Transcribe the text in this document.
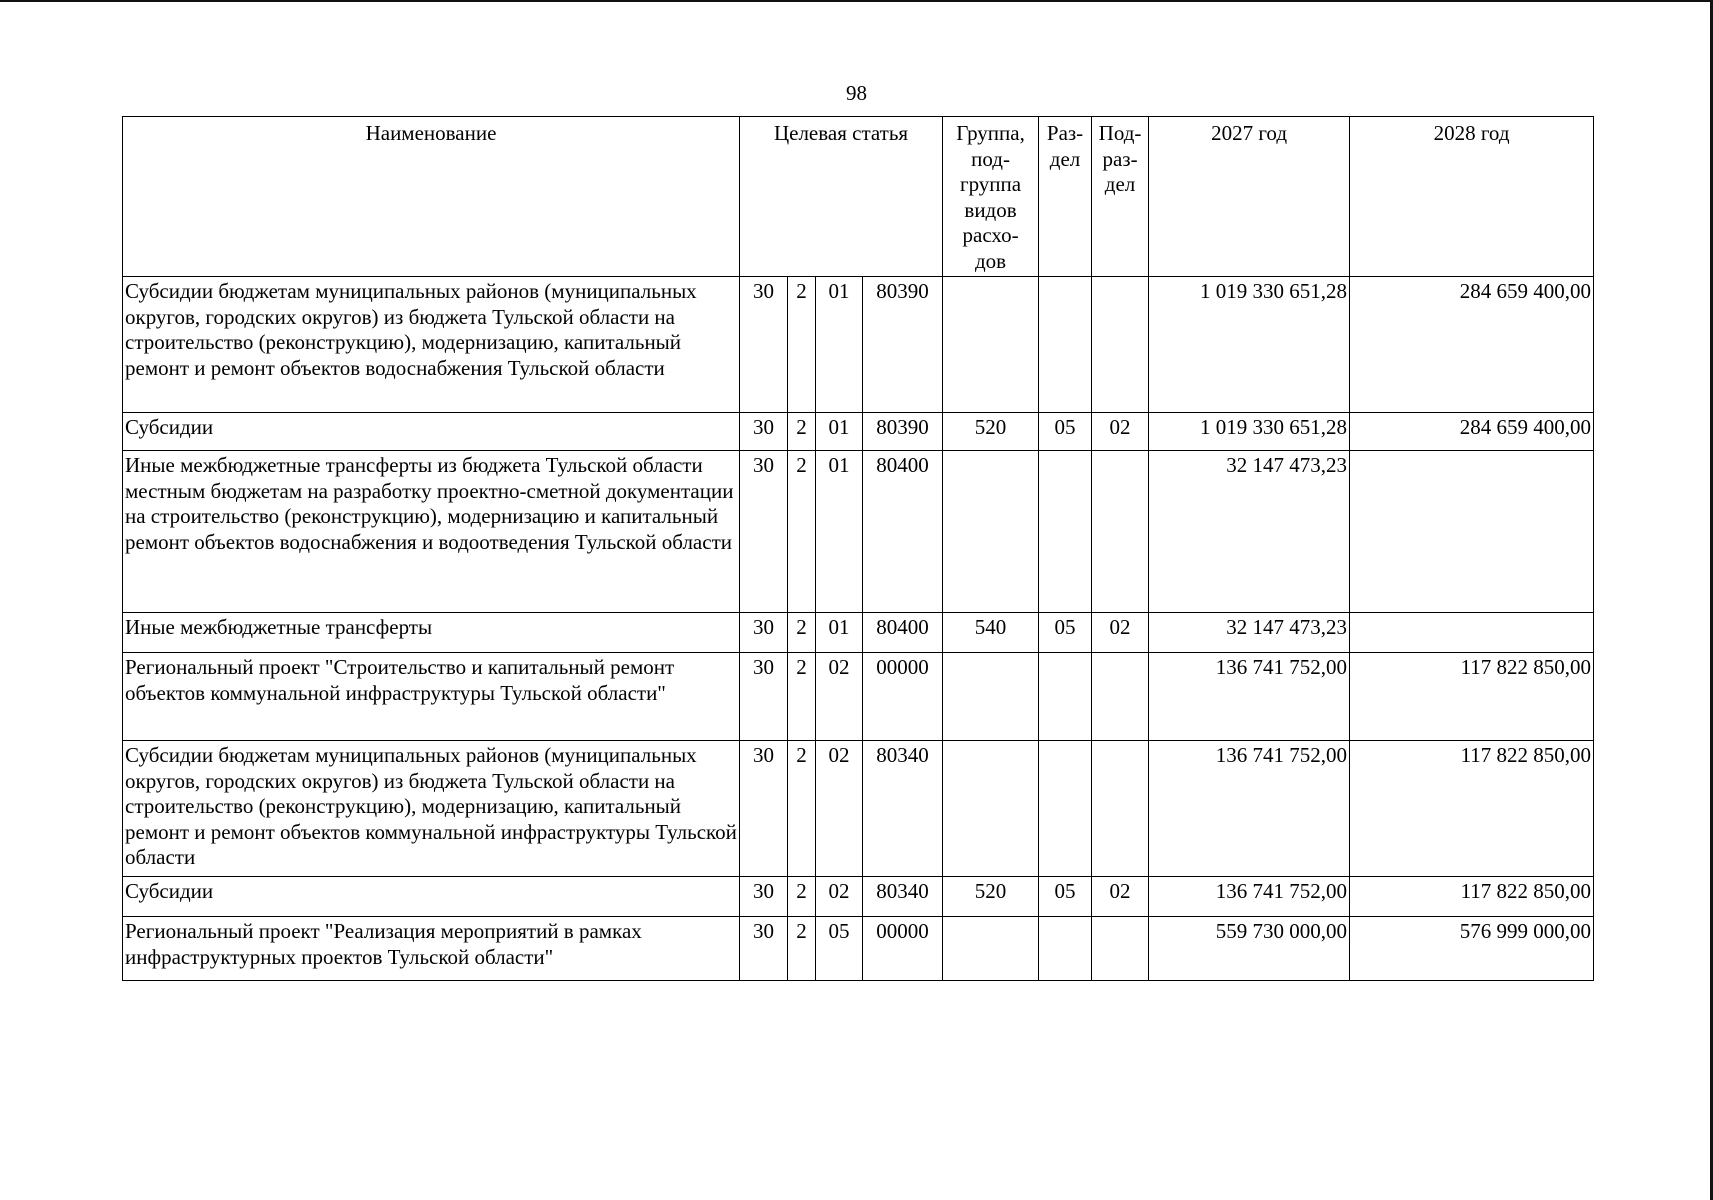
98
Наименование	Целевая статья				Группа, под- группа видов расхо- дов	Раз- дел	Под- раз- дел	2027 год	2028 год
Субсидии бюджетам муниципальных районов (муниципальных округов, городских округов) из бюджета Тульской области на строительство (реконструкцию), модернизацию, капитальный ремонт и ремонт объектов водоснабжения Тульской области	30	2	01	80390				1 019 330 651,28	284 659 400,00
Субсидии	30	2	01	80390	520	05	02	1 019 330 651,28	284 659 400,00
Иные межбюджетные трансферты из бюджета Тульской области местным бюджетам на разработку проектно-сметной документации на строительство (реконструкцию), модернизацию и капитальный ремонт объектов водоснабжения и водоотведения Тульской области	30	2	01	80400				32 147 473,23	
Иные межбюджетные трансферты	30	2	01	80400	540	05	02	32 147 473,23	
Региональный проект "Строительство и капитальный ремонт объектов коммунальной инфраструктуры Тульской области"	30	2	02	00000				136 741 752,00	117 822 850,00
Субсидии бюджетам муниципальных районов (муниципальных округов, городских округов) из бюджета Тульской области на строительство (реконструкцию), модернизацию, капитальный ремонт и ремонт объектов коммунальной инфраструктуры Тульской области	30	2	02	80340				136 741 752,00	117 822 850,00
Субсидии	30	2	02	80340	520	05	02	136 741 752,00	117 822 850,00
Региональный проект "Реализация мероприятий в рамках инфраструктурных проектов Тульской области"	30	2	05	00000				559 730 000,00	576 999 000,00
